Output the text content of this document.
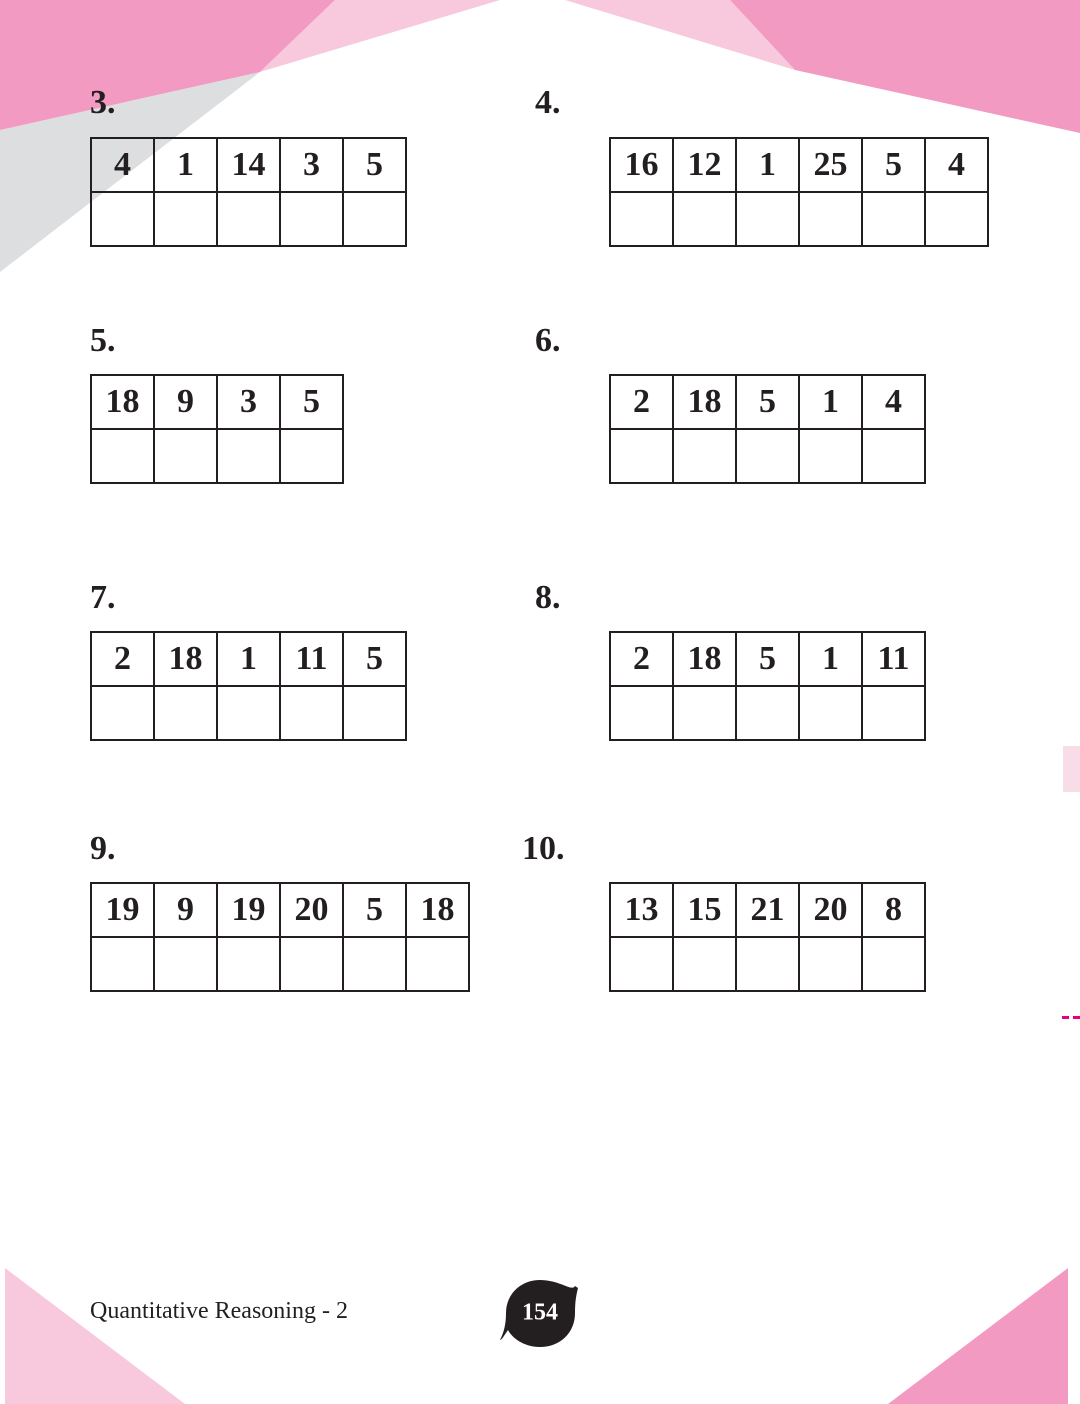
3.
4	1	14	3	5

4.
16	12	1	25	5	4

5.
18	9	3	5

6.
2	18	5	1	4

7.
2	18	1	11	5

8.
2	18	5	1	11

9.
19	9	19	20	5	18

10.
13	15	21	20	8

Quantitative Reasoning - 2	154
